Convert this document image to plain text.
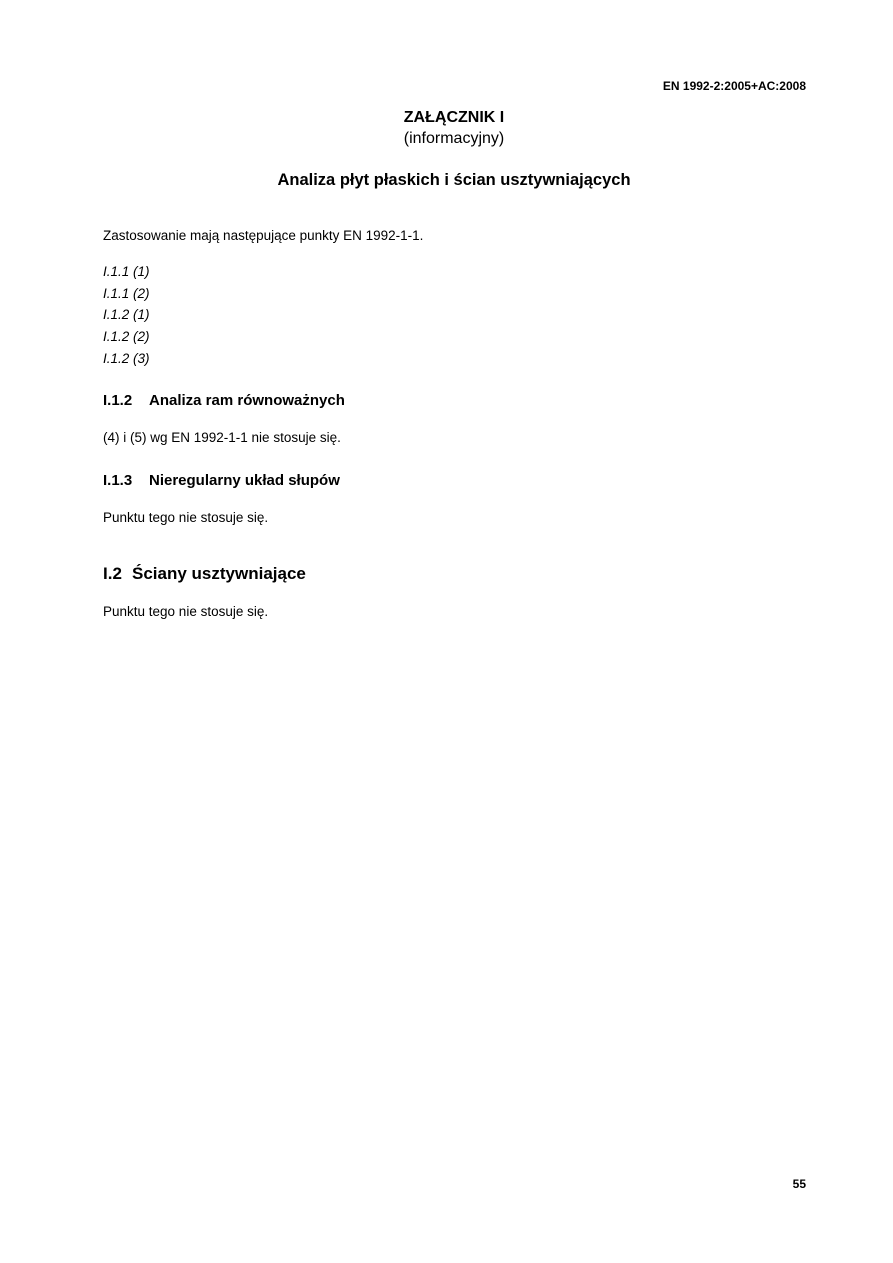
EN 1992-2:2005+AC:2008
ZAŁĄCZNIK I
(informacyjny)
Analiza płyt płaskich i ścian usztywniających
Zastosowanie mają następujące punkty EN 1992-1-1.
I.1.1 (1)
I.1.1 (2)
I.1.2 (1)
I.1.2 (2)
I.1.2 (3)
I.1.2 Analiza ram równoważnych
(4) i (5) wg EN 1992-1-1 nie stosuje się.
I.1.3 Nieregularny układ słupów
Punktu tego nie stosuje się.
I.2 Ściany usztywniające
Punktu tego nie stosuje się.
55
